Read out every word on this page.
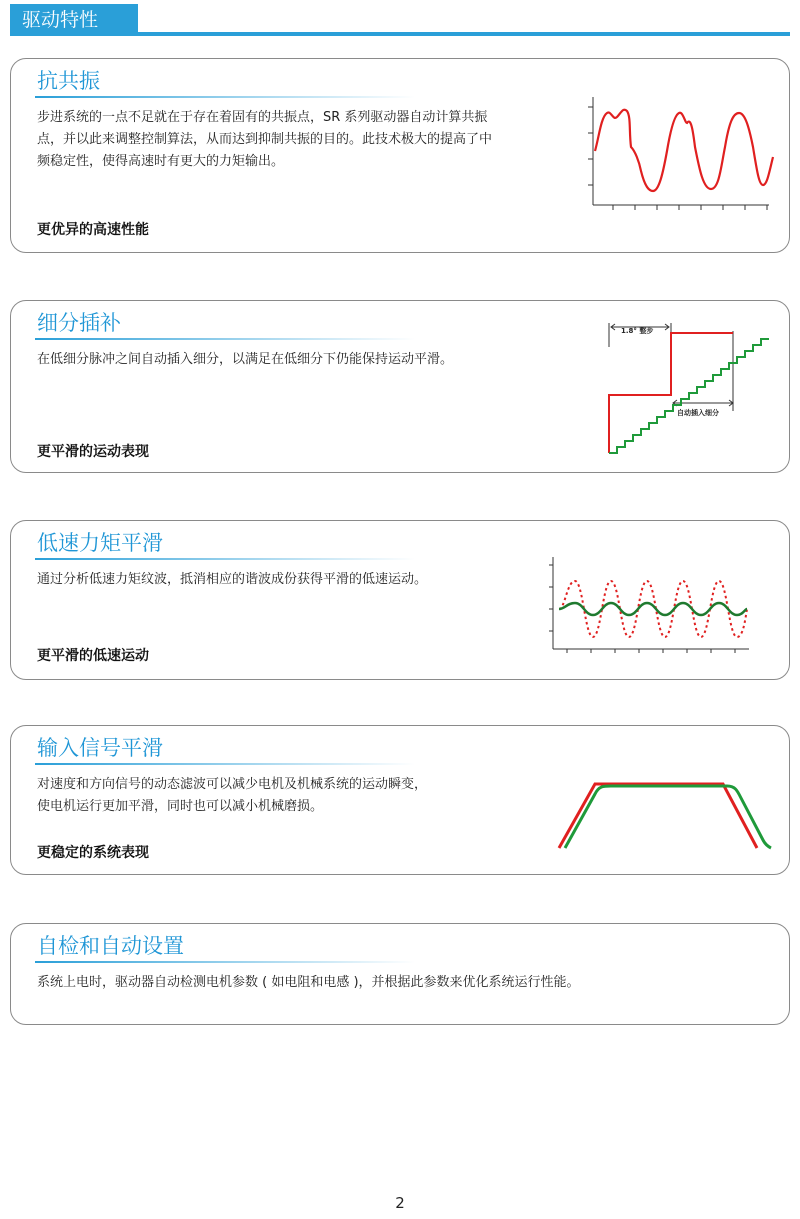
驱动特性
抗共振
步进系统的一点不足就在于存在着固有的共振点，SR 系列驱动器自动计算共振
点，并以此来调整控制算法，从而达到抑制共振的目的。此技术极大的提高了中
频稳定性，使得高速时有更大的力矩输出。
更优异的高速性能
细分插补
在低细分脉冲之间自动插入细分，以满足在低细分下仍能保持运动平滑。
更平滑的运动表现
1.8° 整步
自动插入细分
低速力矩平滑
通过分析低速力矩纹波，抵消相应的谐波成份获得平滑的低速运动。
更平滑的低速运动
输入信号平滑
对速度和方向信号的动态滤波可以减少电机及机械系统的运动瞬变，
使电机运行更加平滑，同时也可以减小机械磨损。
更稳定的系统表现
自检和自动设置
系统上电时，驱动器自动检测电机参数 ( 如电阻和电感 )，并根据此参数来优化系统运行性能。
2
